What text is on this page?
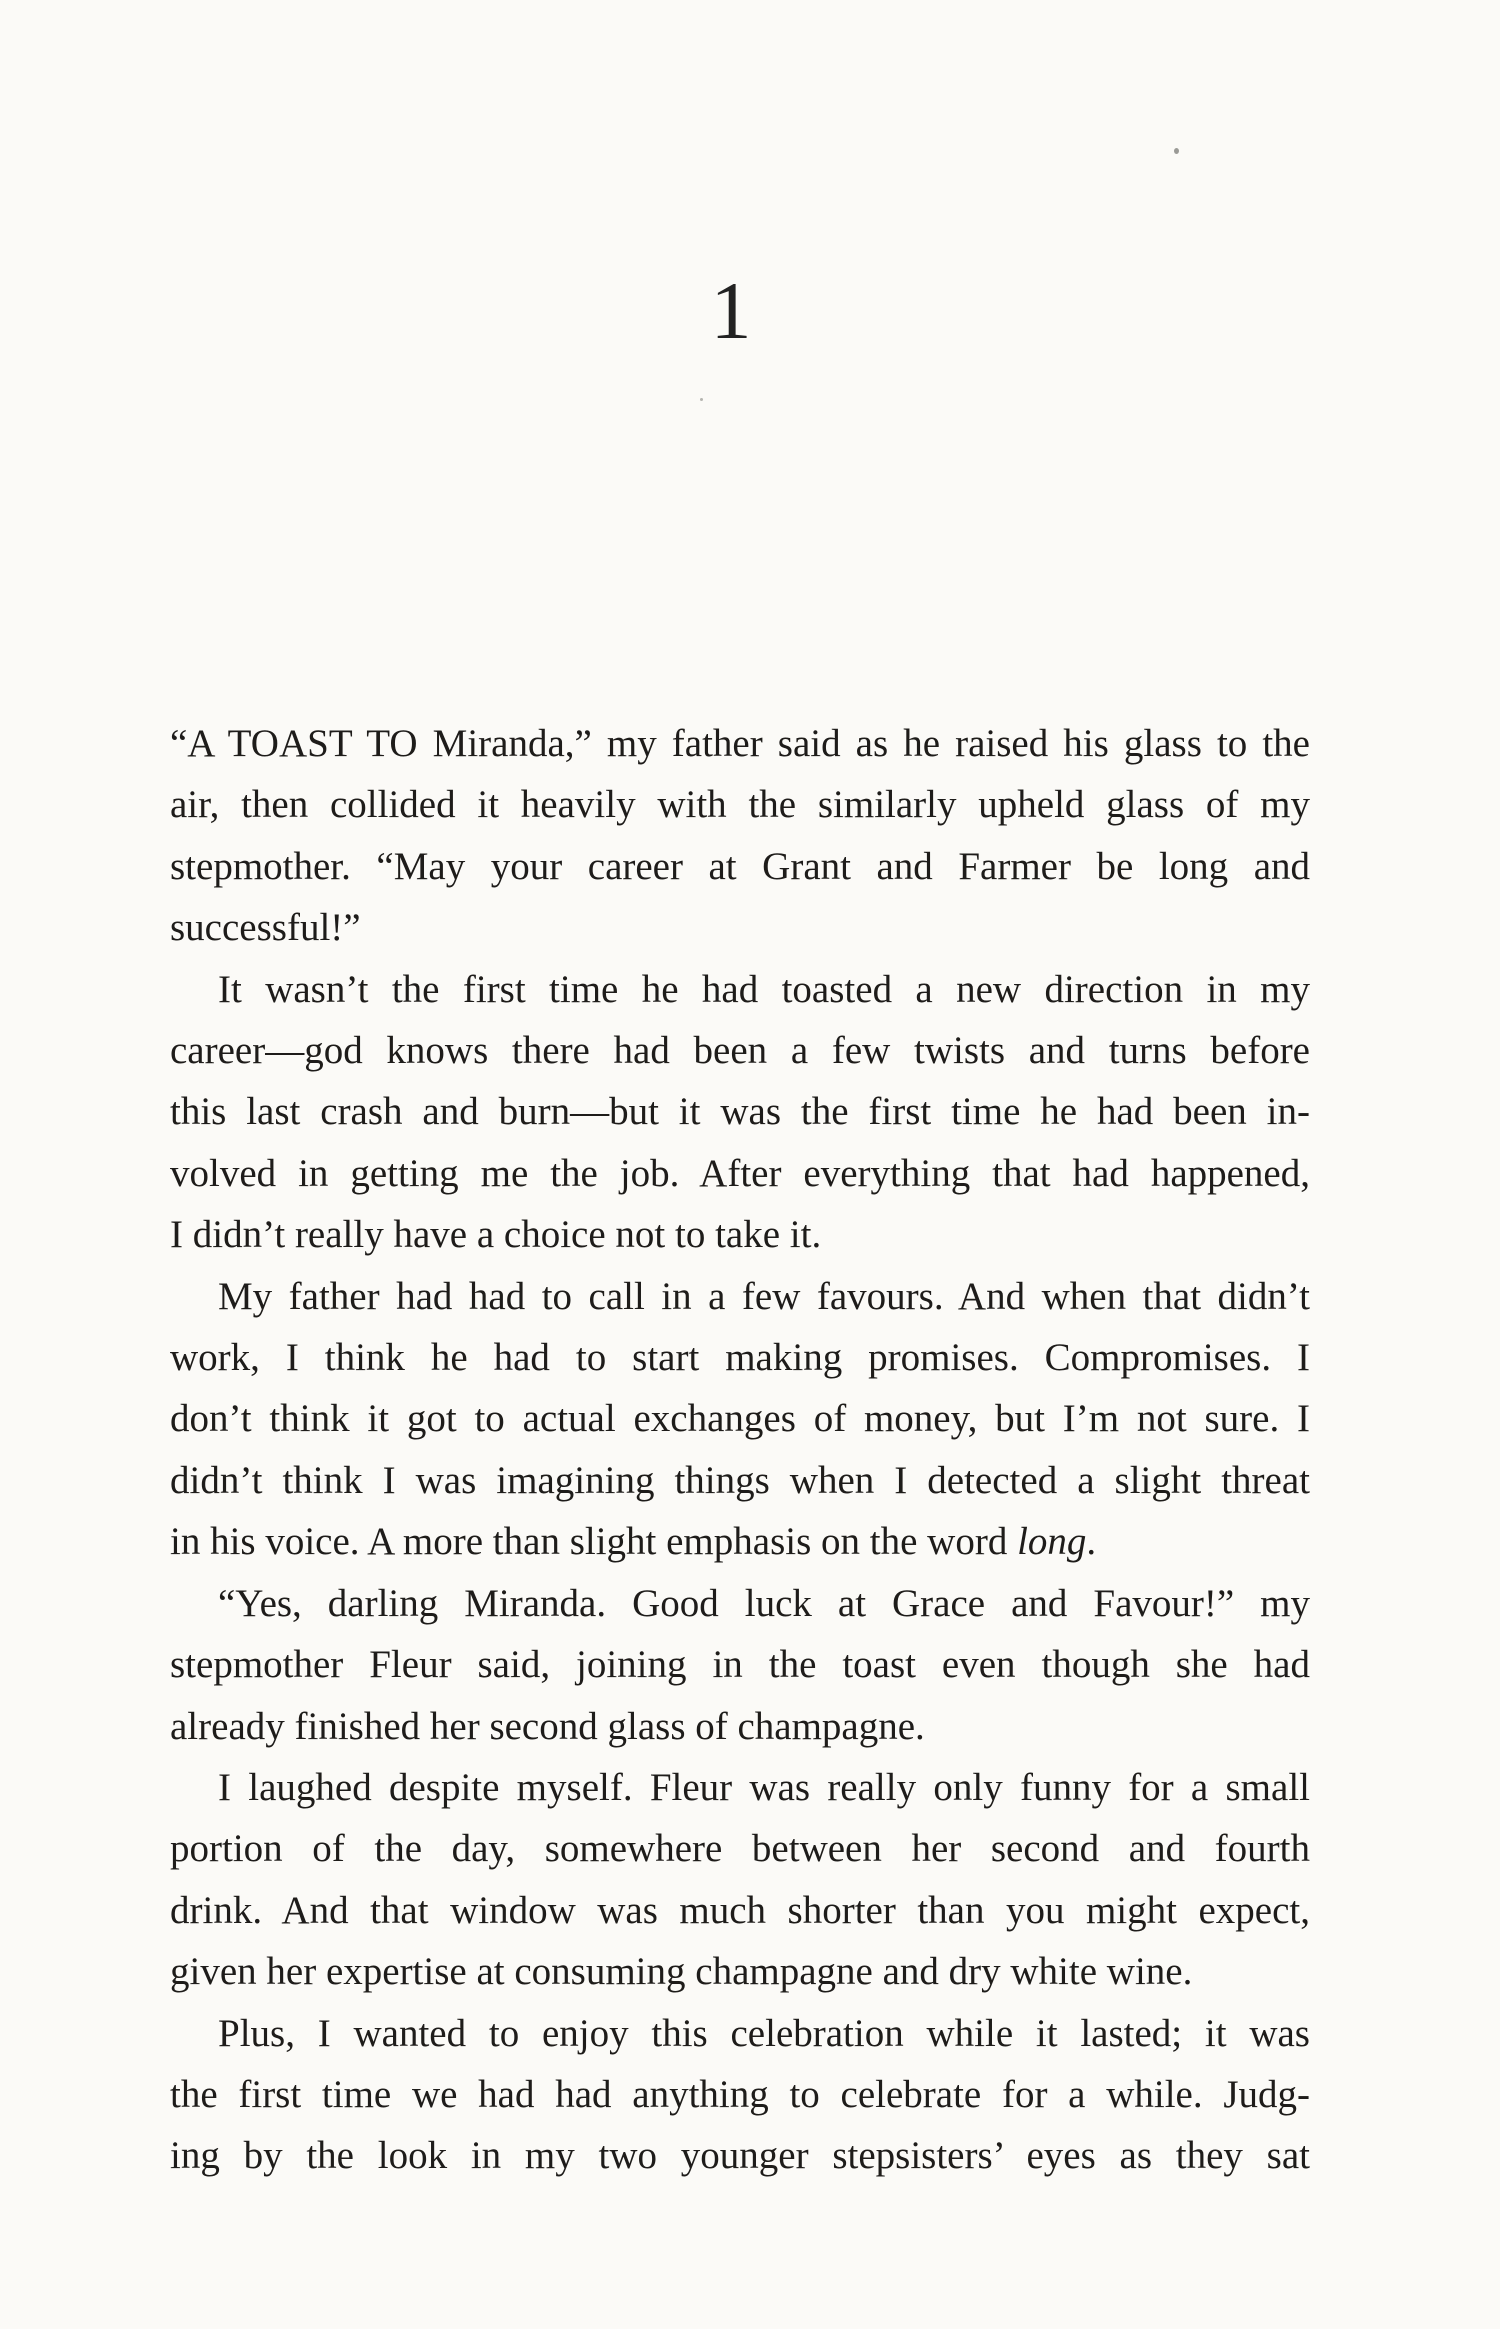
1

“A TOAST TO Miranda,” my father said as he raised his glass to the
air, then collided it heavily with the similarly upheld glass of my
stepmother. “May your career at Grant and Farmer be long and
successful!”

It wasn’t the first time he had toasted a new direction in my
career—god knows there had been a few twists and turns before
this last crash and burn—but it was the first time he had been in-
volved in getting me the job. After everything that had happened,
I didn’t really have a choice not to take it.

My father had had to call in a few favours. And when that didn’t
work, I think he had to start making promises. Compromises. I
don’t think it got to actual exchanges of money, but I’m not sure. I
didn’t think I was imagining things when I detected a slight threat
in his voice. A more than slight emphasis on the word long.

“Yes, darling Miranda. Good luck at Grace and Favour!” my
stepmother Fleur said, joining in the toast even though she had
already finished her second glass of champagne.

I laughed despite myself. Fleur was really only funny for a small
portion of the day, somewhere between her second and fourth
drink. And that window was much shorter than you might expect,
given her expertise at consuming champagne and dry white wine.

Plus, I wanted to enjoy this celebration while it lasted; it was
the first time we had had anything to celebrate for a while. Judg-
ing by the look in my two younger stepsisters’ eyes as they sat
